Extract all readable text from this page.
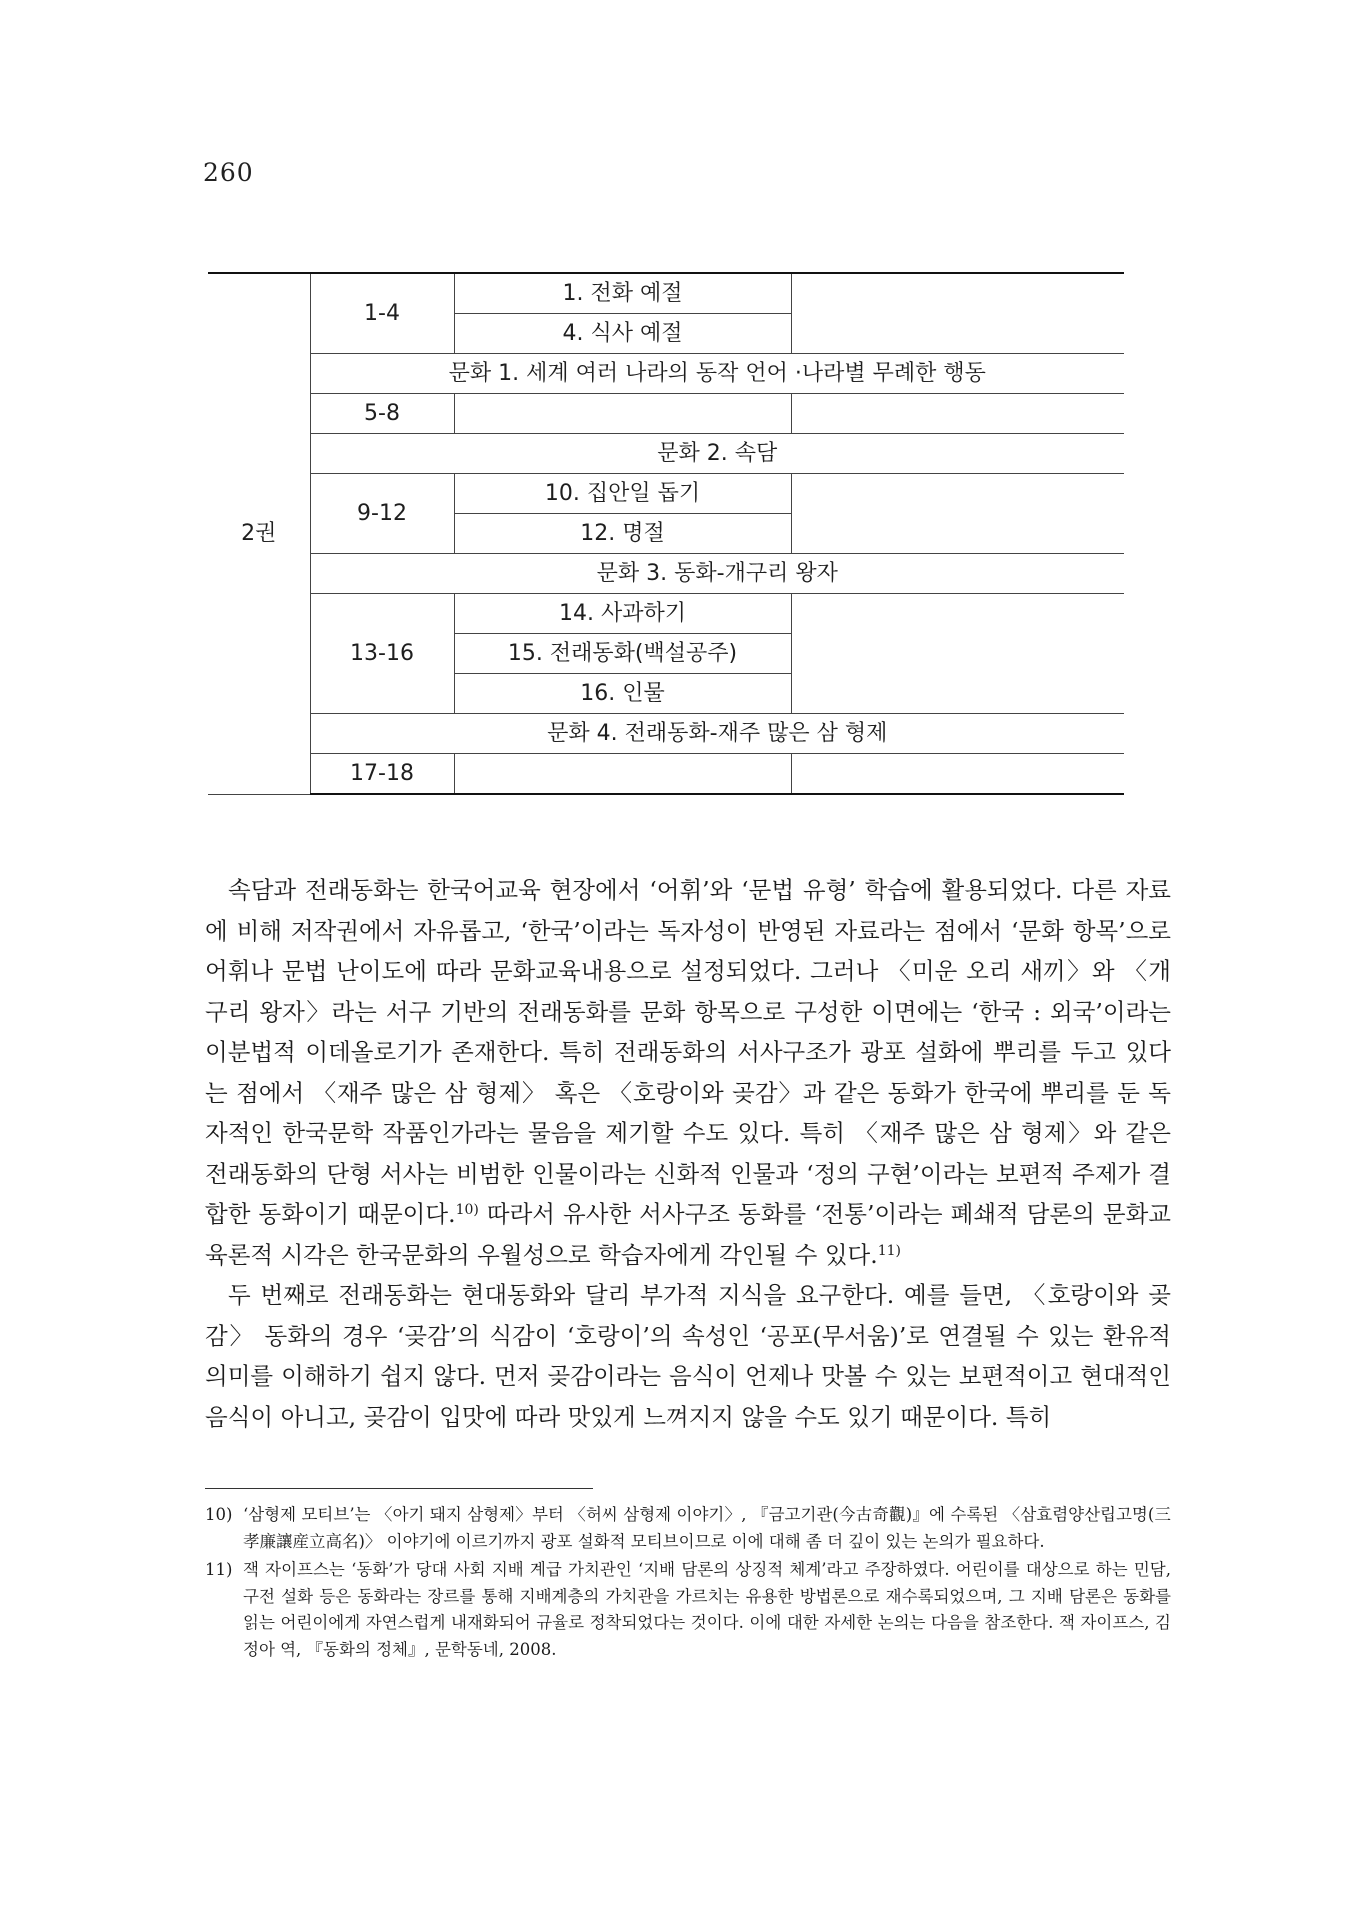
260
2권	1-4	1. 전화 예절	
		4. 식사 예절	
	문화 1. 세계 여러 나라의 동작 언어 ·나라별 무례한 행동		
	5-8		
	문화 2. 속담		
	9-12	10. 집안일 돕기	
		12. 명절	
	문화 3. 동화-개구리 왕자		
	13-16	14. 사과하기	
		15. 전래동화(백설공주)	
		16. 인물	
	문화 4. 전래동화-재주 많은 삼 형제		
	17-18		

속담과 전래동화는 한국어교육 현장에서 ‘어휘’와 ‘문법 유형’ 학습에 활용되었다. 다른 자료에 비해 저작권에서 자유롭고, ‘한국’이라는 독자성이 반영된 자료라는 점에서 ‘문화 항목’으로 어휘나 문법 난이도에 따라 문화교육내용으로 설정되었다. 그러나 〈미운 오리 새끼〉와 〈개구리 왕자〉라는 서구 기반의 전래동화를 문화 항목으로 구성한 이면에는 ‘한국 : 외국’이라는 이분법적 이데올로기가 존재한다. 특히 전래동화의 서사구조가 광포 설화에 뿌리를 두고 있다는 점에서 〈재주 많은 삼 형제〉 혹은 〈호랑이와 곶감〉과 같은 동화가 한국에 뿌리를 둔 독자적인 한국문학 작품인가라는 물음을 제기할 수도 있다. 특히 〈재주 많은 삼 형제〉와 같은 전래동화의 단형 서사는 비범한 인물이라는 신화적 인물과 ‘정의 구현’이라는 보편적 주제가 결합한 동화이기 때문이다.$^{10)}$ 따라서 유사한 서사구조 동화를 ‘전통’이라는 폐쇄적 담론의 문화교육론적 시각은 한국문화의 우월성으로 학습자에게 각인될 수 있다.$^{11)}$

두 번째로 전래동화는 현대동화와 달리 부가적 지식을 요구한다. 예를 들면, 〈호랑이와 곶감〉 동화의 경우 ‘곶감’의 식감이 ‘호랑이’의 속성인 ‘공포(무서움)’로 연결될 수 있는 환유적 의미를 이해하기 쉽지 않다. 먼저 곶감이라는 음식이 언제나 맛볼 수 있는 보편적이고 현대적인 음식이 아니고, 곶감이 입맛에 따라 맛있게 느껴지지 않을 수도 있기 때문이다. 특히

10) ‘삼형제 모티브’는 〈아기 돼지 삼형제〉부터 〈허씨 삼형제 이야기〉, 『금고기관(今古奇觀)』에 수록된 〈삼효렴양산립고명(三孝廉讓産立高名)〉 이야기에 이르기까지 광포 설화적 모티브이므로 이에 대해 좀 더 깊이 있는 논의가 필요하다.
11) 잭 자이프스는 ‘동화’가 당대 사회 지배 계급 가치관인 ‘지배 담론의 상징적 체계’라고 주장하였다. 어린이를 대상으로 하는 민담, 구전 설화 등은 동화라는 장르를 통해 지배계층의 가치관을 가르치는 유용한 방법론으로 재수록되었으며, 그 지배 담론은 동화를 읽는 어린이에게 자연스럽게 내재화되어 규율로 정착되었다는 것이다. 이에 대한 자세한 논의는 다음을 참조한다. 잭 자이프스, 김정아 역, 『동화의 정체』, 문학동네, 2008.
